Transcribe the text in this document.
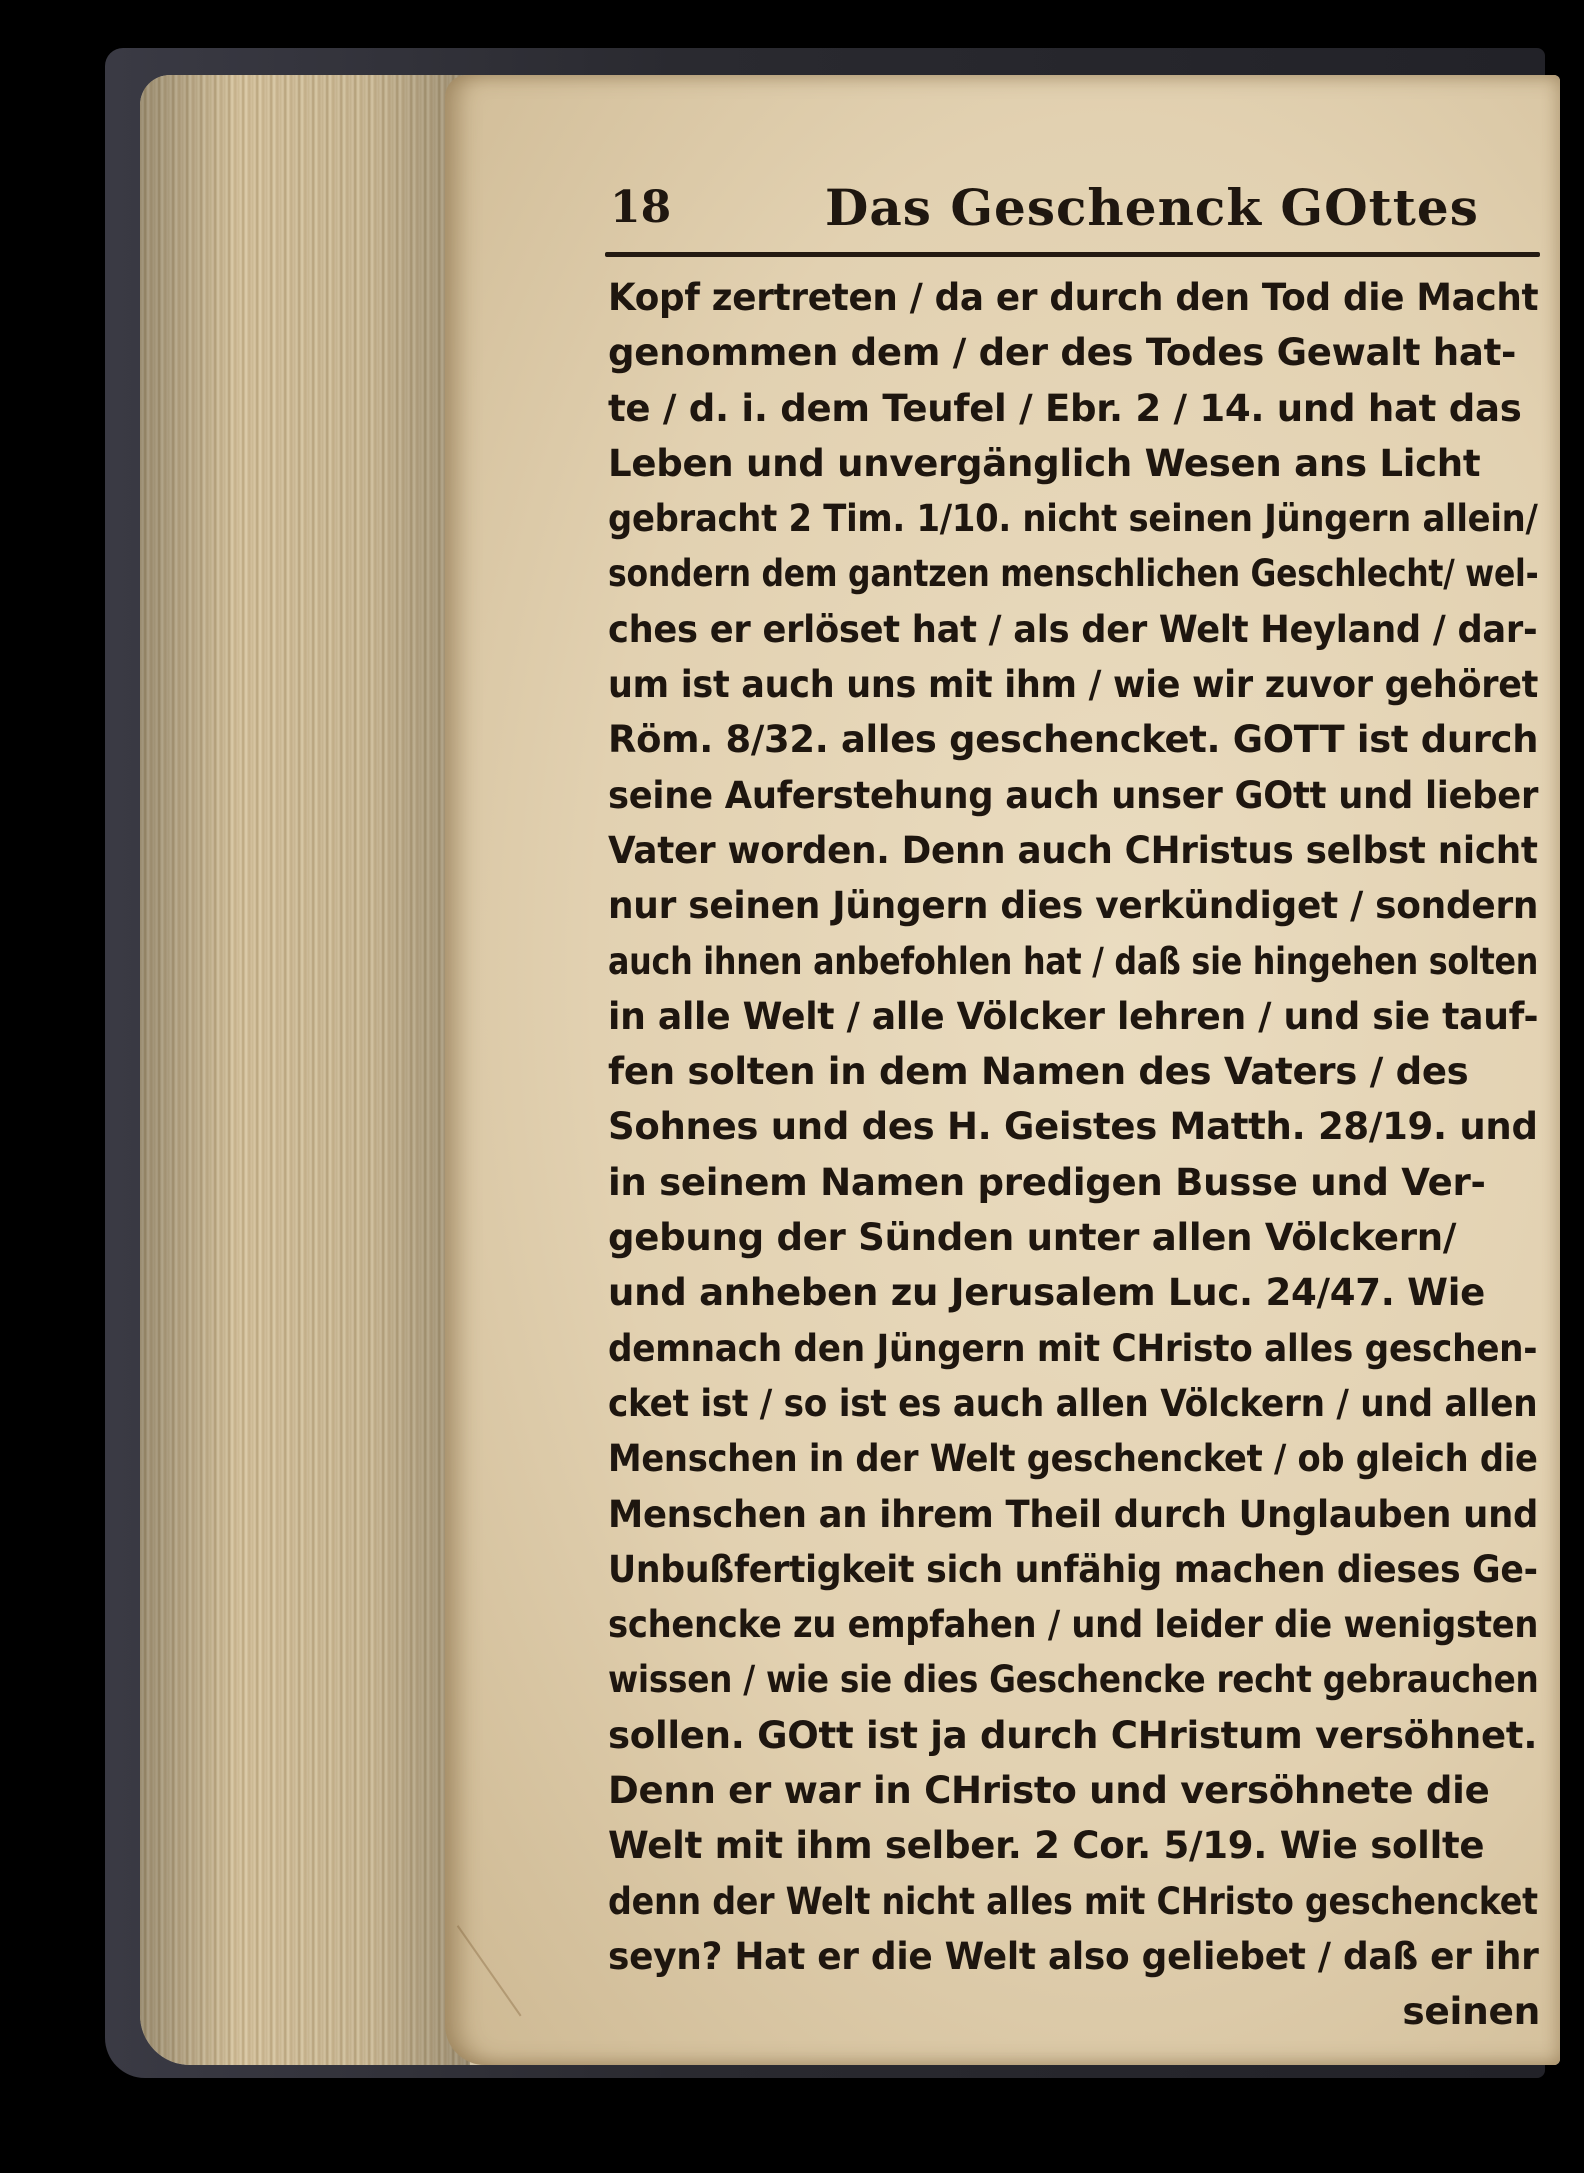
18	Das Geschenck GOttes
Kopf zertreten / da er durch den Tod die Macht
genommen dem / der des Todes Gewalt hat-
te / d. i. dem Teufel / Ebr. 2 / 14. und hat das
Leben und unvergänglich Wesen ans Licht
gebracht 2 Tim. 1/10. nicht seinen Jüngern allein/
sondern dem gantzen menschlichen Geschlecht/ wel-
ches er erlöset hat / als der Welt Heyland / dar-
um ist auch uns mit ihm / wie wir zuvor gehöret
Röm. 8/32. alles geschencket. GOTT ist durch
seine Auferstehung auch unser GOtt und lieber
Vater worden. Denn auch CHristus selbst nicht
nur seinen Jüngern dies verkündiget / sondern
auch ihnen anbefohlen hat / daß sie hingehen solten
in alle Welt / alle Völcker lehren / und sie tauf-
fen solten in dem Namen des Vaters / des
Sohnes und des H. Geistes Matth. 28/19. und
in seinem Namen predigen Busse und Ver-
gebung der Sünden unter allen Völckern/
und anheben zu Jerusalem Luc. 24/47. Wie
demnach den Jüngern mit CHristo alles geschen-
cket ist / so ist es auch allen Völckern / und allen
Menschen in der Welt geschencket / ob gleich die
Menschen an ihrem Theil durch Unglauben und
Unbußfertigkeit sich unfähig machen dieses Ge-
schencke zu empfahen / und leider die wenigsten
wissen / wie sie dies Geschencke recht gebrauchen
sollen. GOtt ist ja durch CHristum versöhnet.
Denn er war in CHristo und versöhnete die
Welt mit ihm selber. 2 Cor. 5/19. Wie sollte
denn der Welt nicht alles mit CHristo geschencket
seyn? Hat er die Welt also geliebet / daß er ihr
seinen
